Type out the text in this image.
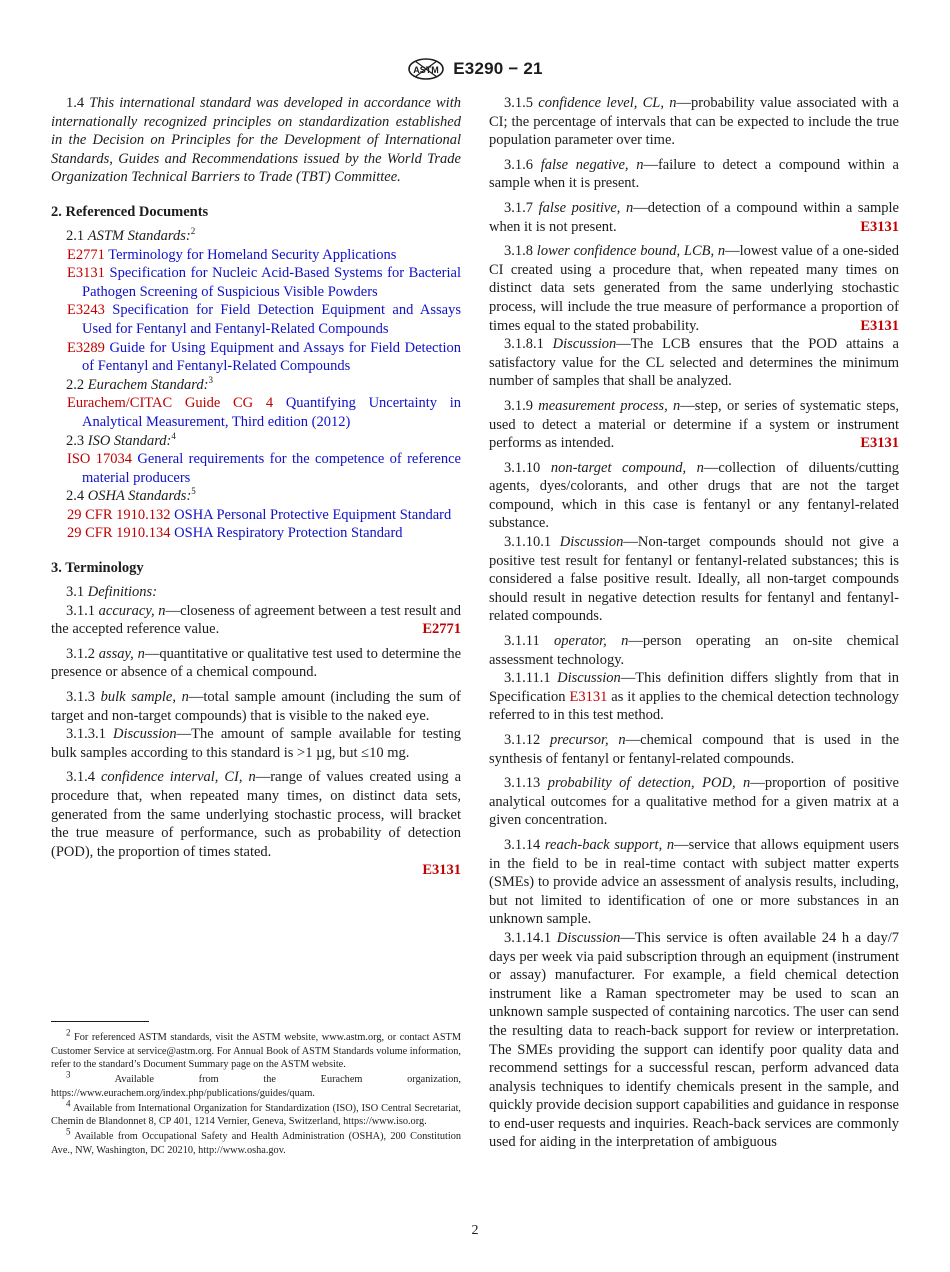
ASTM E3290 − 21

1.4 This international standard was developed in accordance with internationally recognized principles on standardization established in the Decision on Principles for the Development of International Standards, Guides and Recommendations issued by the World Trade Organization Technical Barriers to Trade (TBT) Committee.

2. Referenced Documents

2.1 ASTM Standards:$^2$

E2771 Terminology for Homeland Security Applications

E3131 Specification for Nucleic Acid-Based Systems for Bacterial Pathogen Screening of Suspicious Visible Powders

E3243 Specification for Field Detection Equipment and Assays Used for Fentanyl and Fentanyl-Related Compounds

E3289 Guide for Using Equipment and Assays for Field Detection of Fentanyl and Fentanyl-Related Compounds

2.2 Eurachem Standard:$^3$

Eurachem/CITAC Guide CG 4 Quantifying Uncertainty in Analytical Measurement, Third edition (2012)

2.3 ISO Standard:$^4$

ISO 17034 General requirements for the competence of reference material producers

2.4 OSHA Standards:$^5$

29 CFR 1910.132 OSHA Personal Protective Equipment Standard

29 CFR 1910.134 OSHA Respiratory Protection Standard

3. Terminology

3.1 Definitions:

3.1.1 accuracy, n—closeness of agreement between a test result and the accepted reference value.	E2771

3.1.2 assay, n—quantitative or qualitative test used to determine the presence or absence of a chemical compound.

3.1.3 bulk sample, n—total sample amount (including the sum of target and non-target compounds) that is visible to the naked eye.

3.1.3.1 Discussion—The amount of sample available for testing bulk samples according to this standard is >1 µg, but ≤10 mg.

3.1.4 confidence interval, CI, n—range of values created using a procedure that, when repeated many times, on distinct data sets, generated from the same underlying stochastic process, will bracket the true measure of performance, such as probability of detection (POD), the proportion of times stated.

E3131

2 For referenced ASTM standards, visit the ASTM website, www.astm.org, or contact ASTM Customer Service at service@astm.org. For Annual Book of ASTM Standards volume information, refer to the standard’s Document Summary page on the ASTM website.

3	Available from the Eurachem organization, https://www.eurachem.org/index.php/publications/guides/quam.

4 Available from International Organization for Standardization (ISO), ISO Central Secretariat, Chemin de Blandonnet 8, CP 401, 1214 Vernier, Geneva, Switzerland, https://www.iso.org.

5 Available from Occupational Safety and Health Administration (OSHA), 200 Constitution Ave., NW, Washington, DC 20210, http://www.osha.gov.

3.1.5 confidence level, CL, n—probability value associated with a CI; the percentage of intervals that can be expected to include the true population parameter over time.

3.1.6 false negative, n—failure to detect a compound within a sample when it is present.

3.1.7 false positive, n—detection of a compound within a sample when it is not present.	E3131

3.1.8 lower confidence bound, LCB, n—lowest value of a one-sided CI created using a procedure that, when repeated many times on distinct data sets generated from the same underlying stochastic process, will include the true measure of performance a proportion of times equal to the stated probability.	E3131

3.1.8.1 Discussion—The LCB ensures that the POD attains a satisfactory value for the CL selected and determines the minimum number of samples that shall be analyzed.

3.1.9 measurement process, n—step, or series of systematic steps, used to detect a material or determine if a system or instrument performs as intended.	E3131

3.1.10 non-target compound, n—collection of diluents/cutting agents, dyes/colorants, and other drugs that are not the target compound, which in this case is fentanyl or any fentanyl-related substance.

3.1.10.1 Discussion—Non-target compounds should not give a positive test result for fentanyl or fentanyl-related substances; this is considered a false positive result. Ideally, all non-target compounds should result in negative detection results for fentanyl and fentanyl-related compounds.

3.1.11 operator, n—person operating an on-site chemical assessment technology.

3.1.11.1 Discussion—This definition differs slightly from that in Specification E3131 as it applies to the chemical detection technology referred to in this test method.

3.1.12 precursor, n—chemical compound that is used in the synthesis of fentanyl or fentanyl-related compounds.

3.1.13 probability of detection, POD, n—proportion of positive analytical outcomes for a qualitative method for a given matrix at a given concentration.

3.1.14 reach-back support, n—service that allows equipment users in the field to be in real-time contact with subject matter experts (SMEs) to provide advice an assessment of analysis results, including, but not limited to identification of one or more substances in an unknown sample.

3.1.14.1 Discussion—This service is often available 24 h a day/7 days per week via paid subscription through an equipment (instrument or assay) manufacturer. For example, a field chemical detection instrument like a Raman spectrometer may be used to scan an unknown sample suspected of containing narcotics. The user can send the resulting data to reach-back support for review or interpretation. The SMEs providing the support can identify poor quality data and recommend settings for a successful rescan, perform advanced data analysis techniques to identify chemicals present in the sample, and quickly provide decision support capabilities and guidance in response to end-user requests and inquiries. Reach-back services are commonly used for aiding in the interpretation of ambiguous

2
